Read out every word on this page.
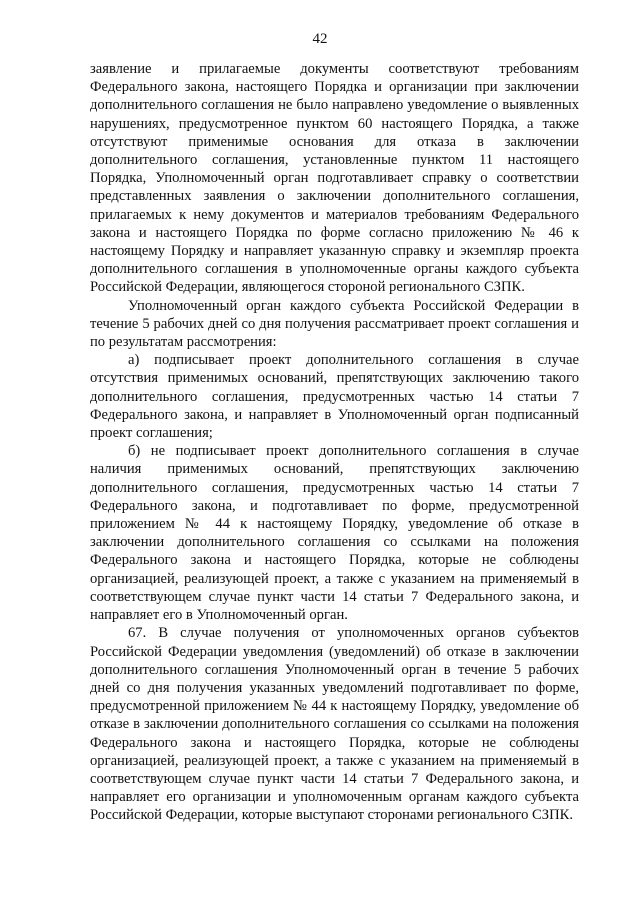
42

заявление и прилагаемые документы соответствуют требованиям Федерального закона, настоящего Порядка и организации при заключении дополнительного соглашения не было направлено уведомление о выявленных нарушениях, предусмотренное пунктом 60 настоящего Порядка, а также отсутствуют применимые основания для отказа в заключении дополнительного соглашения, установленные пунктом 11 настоящего Порядка, Уполномоченный орган подготавливает справку о соответствии представленных заявления о заключении дополнительного соглашения, прилагаемых к нему документов и материалов требованиям Федерального закона и настоящего Порядка по форме согласно приложению № 46 к настоящему Порядку и направляет указанную справку и экземпляр проекта дополнительного соглашения в уполномоченные органы каждого субъекта Российской Федерации, являющегося стороной регионального СЗПК.

Уполномоченный орган каждого субъекта Российской Федерации в течение 5 рабочих дней со дня получения рассматривает проект соглашения и по результатам рассмотрения:

а) подписывает проект дополнительного соглашения в случае отсутствия применимых оснований, препятствующих заключению такого дополнительного соглашения, предусмотренных частью 14 статьи 7 Федерального закона, и направляет в Уполномоченный орган подписанный проект соглашения;

б) не подписывает проект дополнительного соглашения в случае наличия применимых оснований, препятствующих заключению дополнительного соглашения, предусмотренных частью 14 статьи 7 Федерального закона, и подготавливает по форме, предусмотренной приложением № 44 к настоящему Порядку, уведомление об отказе в заключении дополнительного соглашения со ссылками на положения Федерального закона и настоящего Порядка, которые не соблюдены организацией, реализующей проект, а также с указанием на применяемый в соответствующем случае пункт части 14 статьи 7 Федерального закона, и направляет его в Уполномоченный орган.

67. В случае получения от уполномоченных органов субъектов Российской Федерации уведомления (уведомлений) об отказе в заключении дополнительного соглашения Уполномоченный орган в течение 5 рабочих дней со дня получения указанных уведомлений подготавливает по форме, предусмотренной приложением № 44 к настоящему Порядку, уведомление об отказе в заключении дополнительного соглашения со ссылками на положения Федерального закона и настоящего Порядка, которые не соблюдены организацией, реализующей проект, а также с указанием на применяемый в соответствующем случае пункт части 14 статьи 7 Федерального закона, и направляет его организации и уполномоченным органам каждого субъекта Российской Федерации, которые выступают сторонами регионального СЗПК.
